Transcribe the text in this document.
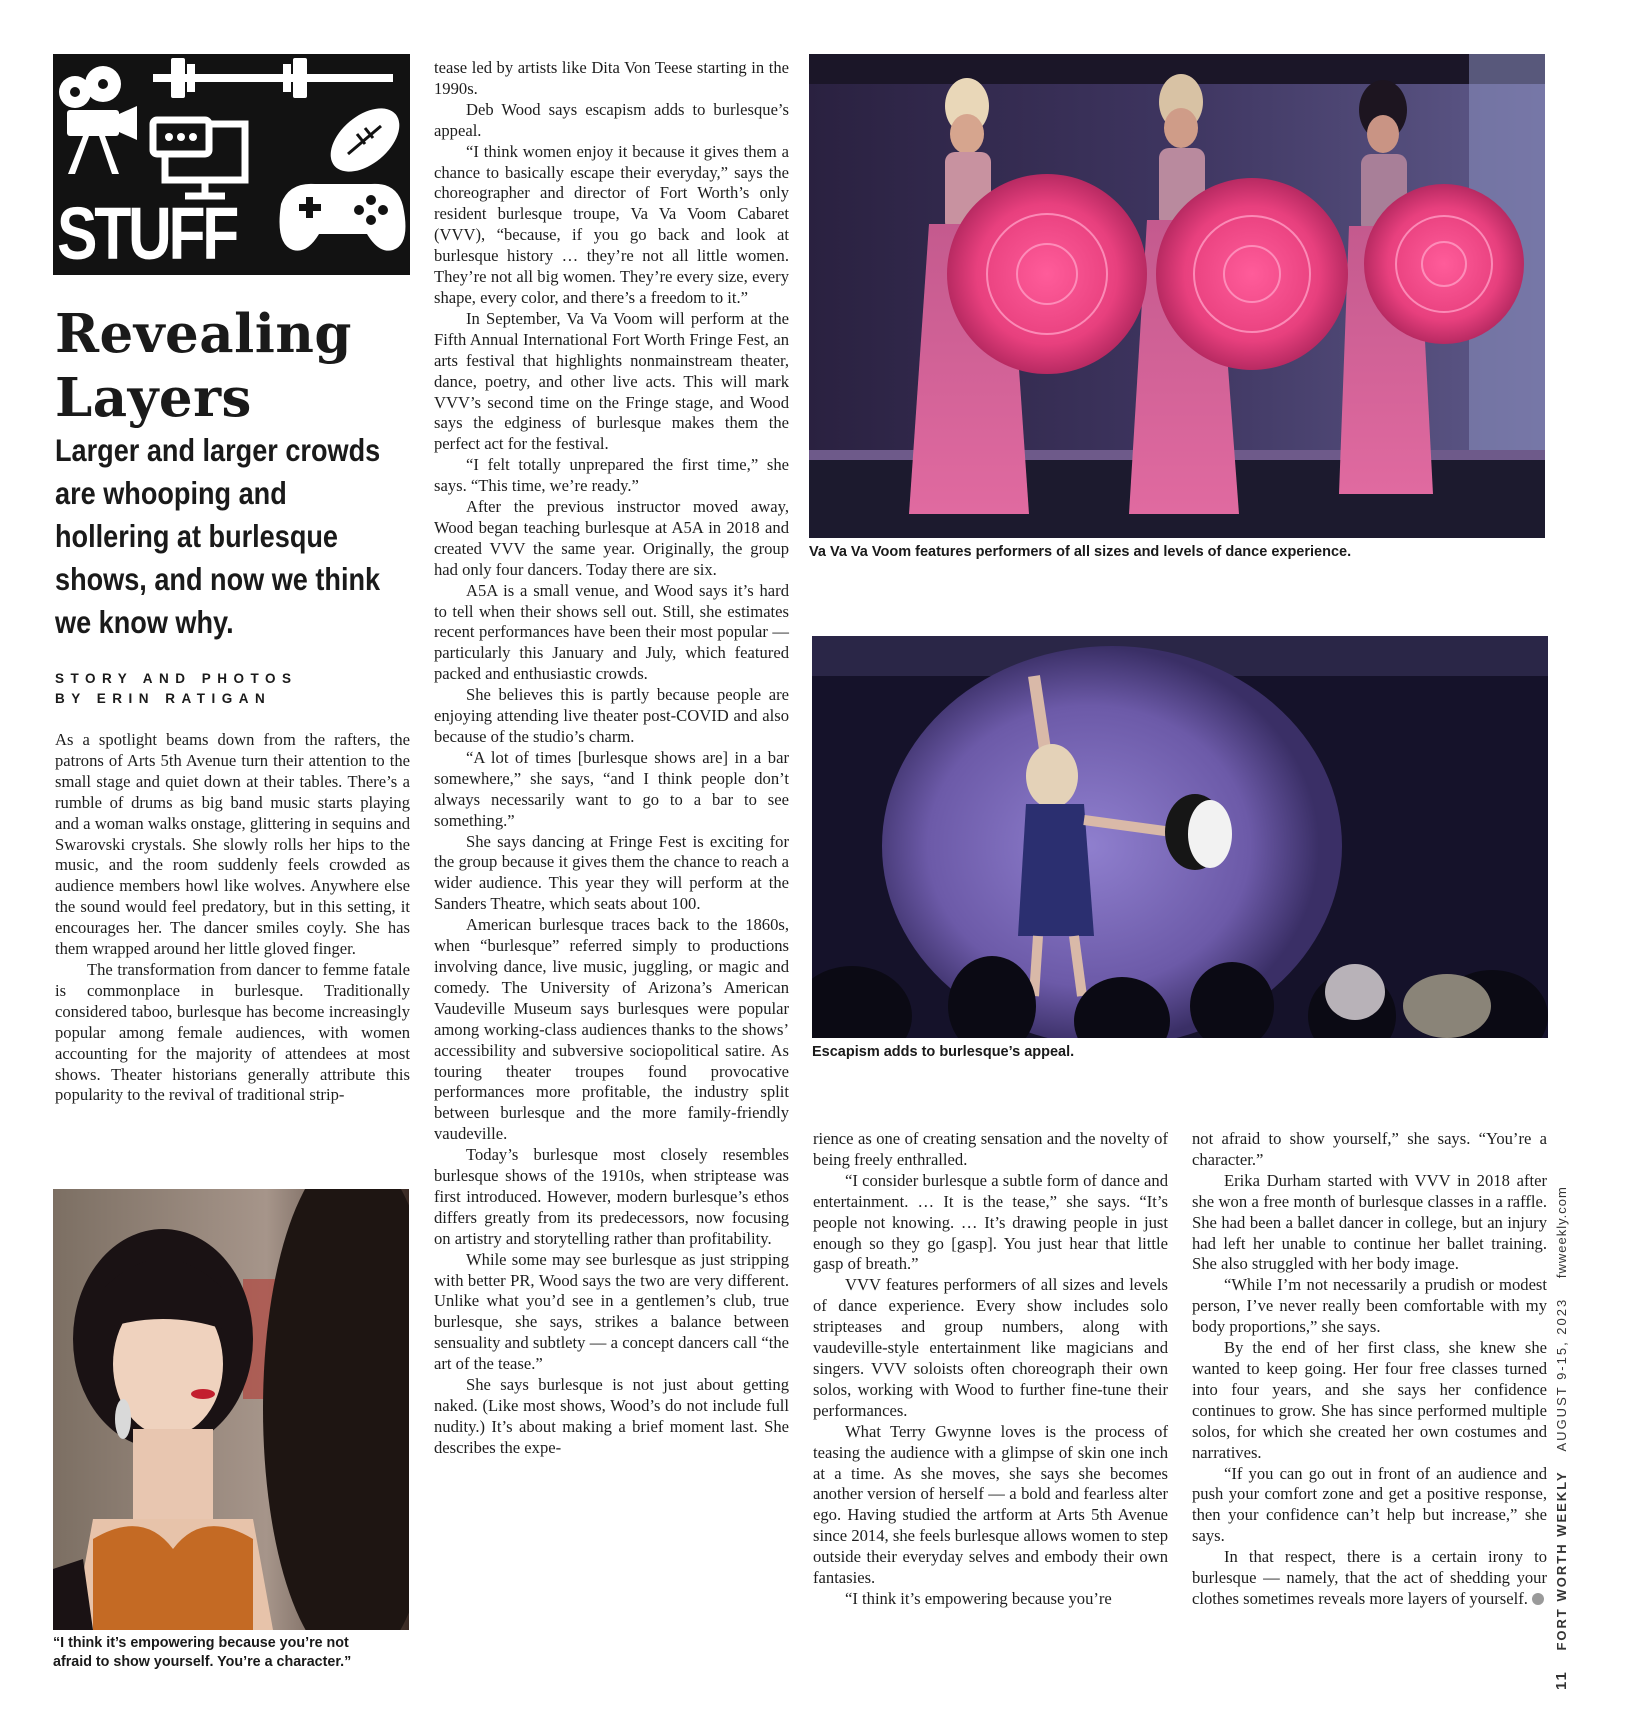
STUFF
Revealing
Layers
Larger and larger crowds
are whooping and
hollering at burlesque
shows, and now we think
we know why.
STORY AND PHOTOS
BY ERIN RATIGAN

As a spotlight beams down from the rafters, the patrons of Arts 5th Avenue turn their attention to the small stage and quiet down at their tables. There’s a rumble of drums as big band music starts playing and a woman walks onstage, glittering in sequins and Swarovski crystals. She slowly rolls her hips to the music, and the room suddenly feels crowded as audience members howl like wolves. Anywhere else the sound would feel predatory, but in this setting, it encourages her. The dancer smiles coyly. She has them wrapped around her little gloved finger.

The transformation from dancer to femme fatale is commonplace in burlesque. Traditionally considered taboo, burlesque has become increasingly popular among female audiences, with women accounting for the majority of attendees at most shows. Theater historians generally attribute this popularity to the revival of traditional strip-

tease led by artists like Dita Von Teese starting in the 1990s.

Deb Wood says escapism adds to burlesque’s appeal.

“I think women enjoy it because it gives them a chance to basically escape their everyday,” says the choreographer and director of Fort Worth’s only resident burlesque troupe, Va Va Voom Cabaret (VVV), “because, if you go back and look at burlesque history … they’re not all little women. They’re not all big women. They’re every size, every shape, every color, and there’s a freedom to it.”

In September, Va Va Voom will perform at the Fifth Annual International Fort Worth Fringe Fest, an arts festival that highlights nonmainstream theater, dance, poetry, and other live acts. This will mark VVV’s second time on the Fringe stage, and Wood says the edginess of burlesque makes them the perfect act for the festival.

“I felt totally unprepared the first time,” she says. “This time, we’re ready.”

After the previous instructor moved away, Wood began teaching burlesque at A5A in 2018 and created VVV the same year. Originally, the group had only four dancers. Today there are six.

A5A is a small venue, and Wood says it’s hard to tell when their shows sell out. Still, she estimates recent performances have been their most popular — particularly this January and July, which featured packed and enthusiastic crowds.

She believes this is partly because people are enjoying attending live theater post-COVID and also because of the studio’s charm.

“A lot of times [burlesque shows are] in a bar somewhere,” she says, “and I think people don’t always necessarily want to go to a bar to see something.”

She says dancing at Fringe Fest is exciting for the group because it gives them the chance to reach a wider audience. This year they will perform at the Sanders Theatre, which seats about 100.

American burlesque traces back to the 1860s, when “burlesque” referred simply to productions involving dance, live music, juggling, or magic and comedy. The University of Arizona’s American Vaudeville Museum says burlesques were popular among working-class audiences thanks to the shows’ accessibility and subversive sociopolitical satire. As touring theater troupes found provocative performances more profitable, the industry split between burlesque and the more family-friendly vaudeville.

Today’s burlesque most closely resembles burlesque shows of the 1910s, when striptease was first introduced. However, modern burlesque’s ethos differs greatly from its predecessors, now focusing on artistry and storytelling rather than profitability.

While some may see burlesque as just stripping with better PR, Wood says the two are very different. Unlike what you’d see in a gentlemen’s club, true burlesque, she says, strikes a balance between sensuality and subtlety — a concept dancers call “the art of the tease.”

She says burlesque is not just about getting naked. (Like most shows, Wood’s do not include full nudity.) It’s about making a brief moment last. She describes the expe-

rience as one of creating sensation and the novelty of being freely enthralled.

“I consider burlesque a subtle form of dance and entertainment. … It is the tease,” she says. “It’s people not knowing. … It’s drawing people in just enough so they go [gasp]. You just hear that little gasp of breath.”

VVV features performers of all sizes and levels of dance experience. Every show includes solo stripteases and group numbers, along with vaudeville-style entertainment like magicians and singers. VVV soloists often choreograph their own solos, working with Wood to further fine-tune their performances.

What Terry Gwynne loves is the process of teasing the audience with a glimpse of skin one inch at a time. As she moves, she says she becomes another version of herself — a bold and fearless alter ego. Having studied the artform at Arts 5th Avenue since 2014, she feels burlesque allows women to step outside their everyday selves and embody their own fantasies.

“I think it’s empowering because you’re

not afraid to show yourself,” she says. “You’re a character.”

Erika Durham started with VVV in 2018 after she won a free month of burlesque classes in a raffle. She had been a ballet dancer in college, but an injury had left her unable to continue her ballet training. She also struggled with her body image.

“While I’m not necessarily a prudish or modest person, I’ve never really been comfortable with my body proportions,” she says.

By the end of her first class, she knew she wanted to keep going. Her four free classes turned into four years, and she says her confidence continues to grow. She has since performed multiple solos, for which she created her own costumes and narratives.

“If you can go out in front of an audience and push your comfort zone and get a positive response, then your confidence can’t help but increase,” she says.

In that respect, there is a certain irony to burlesque — namely, that the act of shedding your clothes sometimes reveals more layers of yourself.

Va Va Va Voom features performers of all sizes and levels of dance experience.
Escapism adds to burlesque’s appeal.
“I think it’s empowering because you’re not
afraid to show yourself. You’re a character.”
11 FORT WORTH WEEKLY AUGUST 9-15, 2023 fwweekly.com
